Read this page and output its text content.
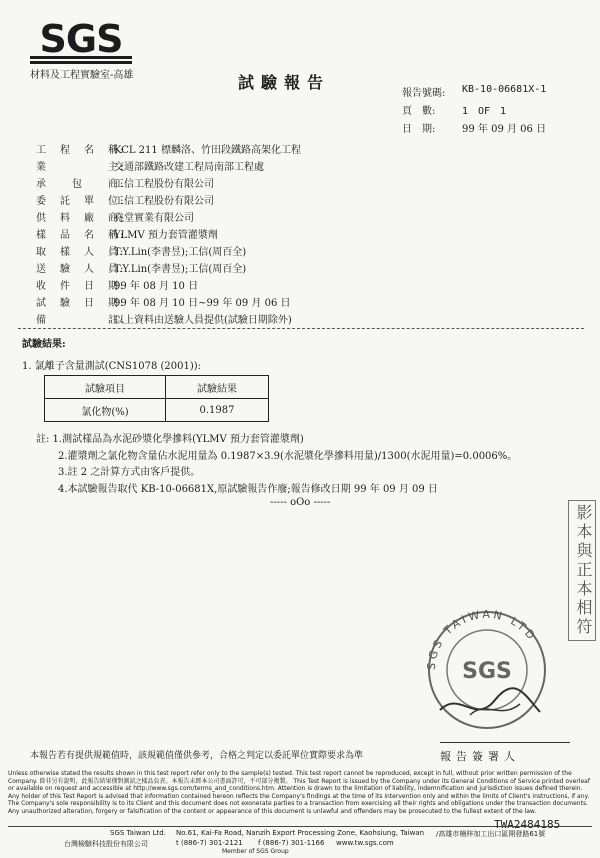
SGS
材料及工程實驗室-高雄	試驗報告
報告號碼:	KB-10-06681X-1
頁　數:	1　OF　1
日　期:	99 年 09 月 06 日
工　程　名　稱:KCL 211 標麟洛、竹田段鐵路高架化工程
業　　　　　主:交通部鐵路改建工程局南部工程處
承　　包　　商:工信工程股份有限公司
委　託　單　位:工信工程股份有限公司
供　料　廠　商:堯堂實業有限公司
樣　品　名　稱:YLMV 預力套管灌漿劑
取　樣　人　員:T.Y.Lin(李書昱);工信(周百全)
送　驗　人　員:T.Y.Lin(李書昱);工信(周百全)
收　件　日　期:99 年 08 月 10 日
試　驗　日　期:99 年 08 月 10 日~99 年 09 月 06 日
備　　　　　註:以上資料由送驗人員提供(試驗日期除外)
試驗結果:
1. 氯離子含量測試(CNS1078 (2001)):
試驗項目	試驗結果
氯化物(%)	0.1987
註: 1.測試樣品為水泥砂漿化學摻料(YLMV 預力套管灌漿劑)
2.灌漿劑之氯化物含量佔水泥用量為 0.1987×3.9(水泥漿化學摻料用量)/1300(水泥用量)=0.0006%。
3.註 2 之計算方式由客戶提供。
4.本試驗報告取代 KB-10-06681X,原試驗報告作廢;報告修改日期 99 年 09 月 09 日
----- oOo -----
影本與正本相符
SGS TAIWAN LTD
SGS
本報告若有提供規範值時，該規範值僅供參考，合格之判定以委託單位實際要求為準	報告簽署人
Unless otherwise stated the results shown in this test report refer only to the sample(s) tested. This test report cannot be reproduced, except in full, without prior written permission of the Company. 除非另有說明，此報告結果僅對測試之樣品負責。本報告未經本公司書面許可，不可部分複製。 This Test Report is issued by the Company under its General Conditions of Service printed overleaf or available on request and accessible at http://www.sgs.com/terms_and_conditions.htm. Attention is drawn to the limitation of liability, indemnification and jurisdiction issues defined therein. Any holder of this Test Report is advised that information contained hereon reflects the Company's findings at the time of its intervention only and within the limits of Client's instructions, if any. The Company's sole responsibility is to its Client and this document does not exonerate parties to a transaction from exercising all their rights and obligations under the transaction documents. Any unauthorized alteration, forgery or falsification of the content or appearance of this document is unlawful and offenders may be prosecuted to the fullest extent of the law.
TWA2484185
SGS Taiwan Ltd.
台灣檢驗科技股份有限公司
No.61, Kai-Fa Road, Nanzih Export Processing Zone, Kaohsiung, Taiwan /高雄市楠梓加工出口區開發路61號
t (886-7) 301-2121 f (886-7) 301-1166 www.tw.sgs.com
Member of SGS Group
